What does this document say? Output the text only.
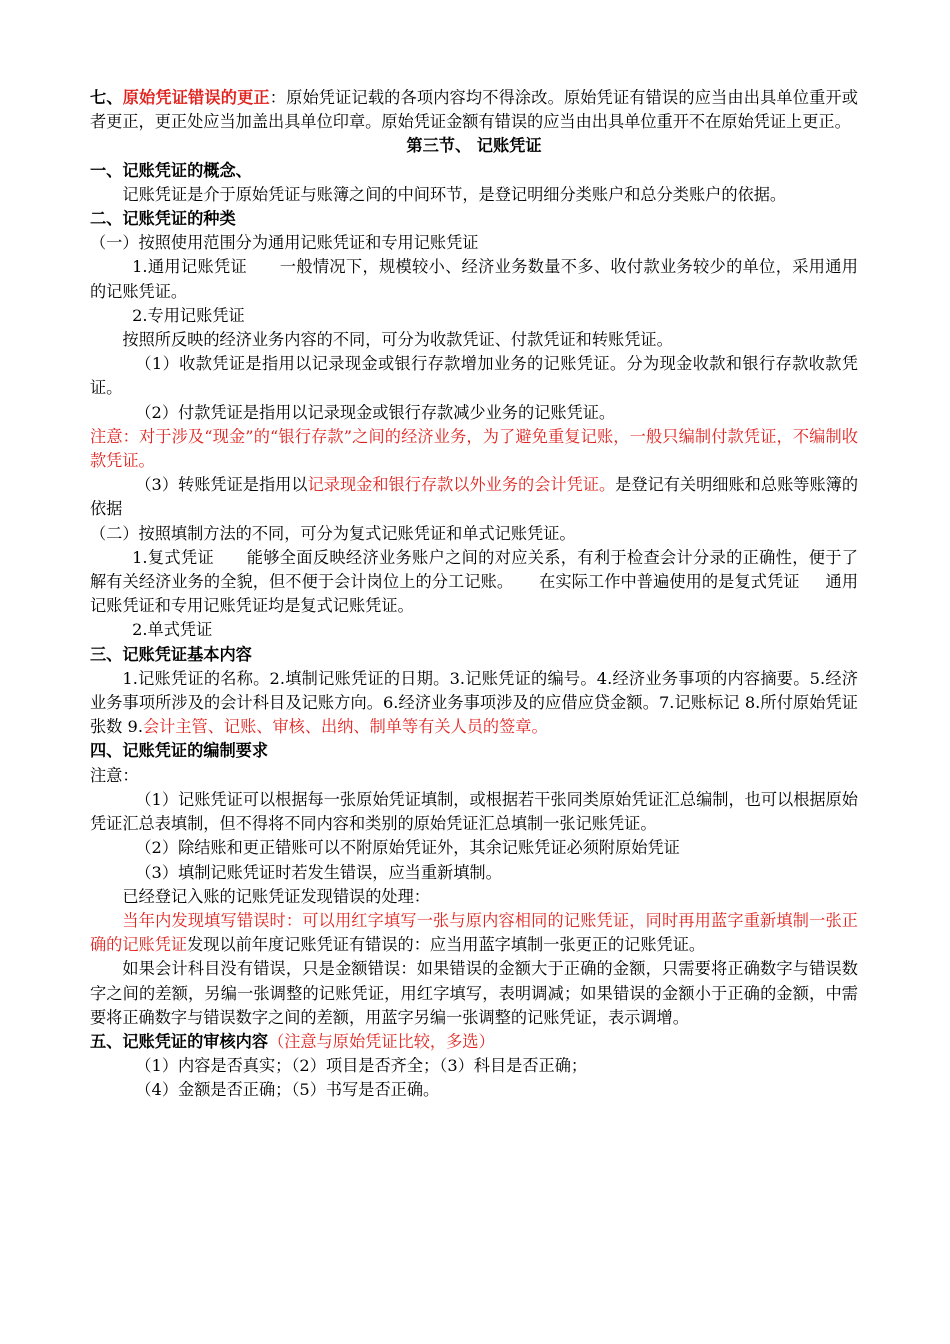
七、原始凭证错误的更正：原始凭证记载的各项内容均不得涂改。原始凭证有错误的应当由出具单位重开或者更正，更正处应当加盖出具单位印章。原始凭证金额有错误的应当由出具单位重开不在原始凭证上更正。

第三节、 记账凭证

一、记账凭证的概念、

记账凭证是介于原始凭证与账簿之间的中间环节，是登记明细分类账户和总分类账户的依据。

二、记账凭证的种类

（一）按照使用范围分为通用记账凭证和专用记账凭证

1.通用记账凭证 一般情况下，规模较小、经济业务数量不多、收付款业务较少的单位，采用通用的记账凭证。

2.专用记账凭证

按照所反映的经济业务内容的不同，可分为收款凭证、付款凭证和转账凭证。

（1）收款凭证是指用以记录现金或银行存款增加业务的记账凭证。分为现金收款和银行存款收款凭证。

（2）付款凭证是指用以记录现金或银行存款减少业务的记账凭证。

注意：对于涉及“现金”的“银行存款”之间的经济业务，为了避免重复记账，一般只编制付款凭证，不编制收款凭证。

（3）转账凭证是指用以记录现金和银行存款以外业务的会计凭证。是登记有关明细账和总账等账簿的依据

（二）按照填制方法的不同，可分为复式记账凭证和单式记账凭证。

1.复式凭证 能够全面反映经济业务账户之间的对应关系，有利于检查会计分录的正确性，便于了解有关经济业务的全貌，但不便于会计岗位上的分工记账。 在实际工作中普遍使用的是复式凭证 通用记账凭证和专用记账凭证均是复式记账凭证。

2.单式凭证

三、记账凭证基本内容

1.记账凭证的名称。2.填制记账凭证的日期。3.记账凭证的编号。4.经济业务事项的内容摘要。5.经济业务事项所涉及的会计科目及记账方向。6.经济业务事项涉及的应借应贷金额。7.记账标记 8.所付原始凭证张数 9.会计主管、记账、审核、出纳、制单等有关人员的签章。

四、记账凭证的编制要求

注意：

（1）记账凭证可以根据每一张原始凭证填制，或根据若干张同类原始凭证汇总编制，也可以根据原始凭证汇总表填制，但不得将不同内容和类别的原始凭证汇总填制一张记账凭证。

（2）除结账和更正错账可以不附原始凭证外，其余记账凭证必须附原始凭证

（3）填制记账凭证时若发生错误，应当重新填制。

已经登记入账的记账凭证发现错误的处理：

当年内发现填写错误时：可以用红字填写一张与原内容相同的记账凭证，同时再用蓝字重新填制一张正确的记账凭证发现以前年度记账凭证有错误的：应当用蓝字填制一张更正的记账凭证。

如果会计科目没有错误，只是金额错误：如果错误的金额大于正确的金额，只需要将正确数字与错误数字之间的差额，另编一张调整的记账凭证，用红字填写，表明调减；如果错误的金额小于正确的金额，中需要将正确数字与错误数字之间的差额，用蓝字另编一张调整的记账凭证，表示调增。

五、记账凭证的审核内容（注意与原始凭证比较，多选）

（1）内容是否真实；（2）项目是否齐全；（3）科目是否正确；

（4）金额是否正确；（5）书写是否正确。
